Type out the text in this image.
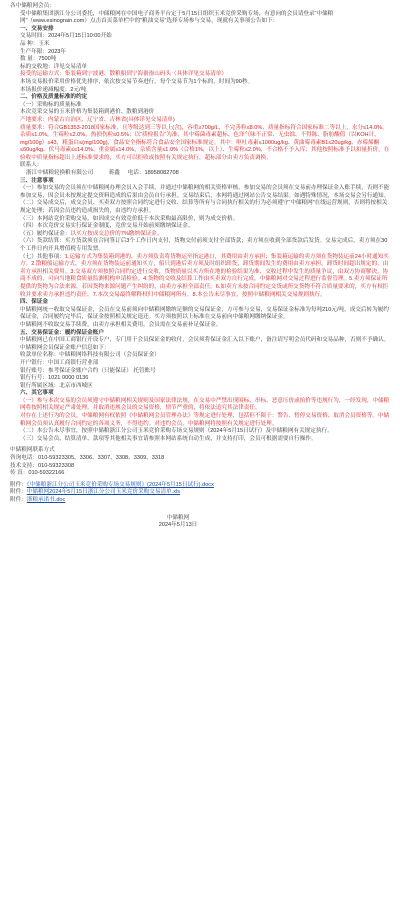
各中储粮网会员：

受中储粮集团浙江分公司委托，中储粮网在中国电子商务平台定于5月15日组织玉米竞价采购专场，有意向的会员请登录“中储粮网”（www.esinograin.com）点击首页菜单栏中的“粮油交易”选择专场参与交易，现就有关事项公告如下：

一、交易安排

交易时间：2024年5月15日10:00开始

品 种：玉米

生产年限：2023年

数 量：7500吨

标的交收地：详见交易清单

接受的运输方式：集装箱到宁波港、散粮船到宁海嵛嵛山码头（具体详见交易清单）

本场交易报价采用价格优先排序，依次按交易节奏进行，每个交易节为1个标的，时间为90秒。

本场报价递减幅度：2元/吨

二、价格及质量标准的约定

（一）采购标的质量标准

本次竞采交易的玉米价格为集装箱到港价、散粮到港价

产地要求：内蒙古自治区、辽宁省、吉林省(具体详见交易清单)

质量要求：符合GB1353-2018国家标准，且等级达到三等以上(含)，容重≥700g/L，不完善粒≤8.0%，质量指标符合国家标准二等以上，水分≤14.0%，杂质≤1.0%，生霉粒≤2.0%，热损伤粒≤0.5%；以“质检报告”为准，其中霉菌毒素超标、色泽气味不正常、无虫蚀、不得陈、脂肪酸值（以KOH计，mg/100g）≤43，粗蛋白≤(mg/100g)，食品安全指标符合食品安全国家标准规定。其中：呕吐毒素≤1000ug/kg、黄曲霉毒素B1≤20ug/kg、赤霉烯酮≤60ug/kg、伏马毒素≤≤14.0%、重金属≤14.0%，杂质含量≤1.0%（合格1%，以上）、生霉粒≤2.0%，不合格不予入库；其他按照标准予以扣量折价，在验收中质量指标超出上述标准要求的，买方可以拒收或按照有关规定执行，超标部分由卖方负责调换。

联系人：

浙江中储粮轮换粮有限公司	蒋鑫 电话：18958082708

三、注意事项

（一）参加交易的会员须在中储粮网办理会员入会手续，并通过中储粮网的相关资格审核，参加交易的会员须在交易前办理保证金入账手续，否则不能参加交易，因会员未按规定提交资料造成的后果由会员自行承担。交易结束后，本网将通过网站公告交易结果。如遇特殊情况，本场交易会另行通知。

（二）交易成交后，成交会员、买卖双方按照合同约定进行交收、结算等所有与合同执行相关的行为必须遵守“中储粮网”在线运营规则，否则将按相关规定处理；若因会员违约造成损失的，由违约方承担。

（三）本网站竞价采购交易，如因成交有效竞价低于本次采购最高限价，则为成交价格。

（四）本次竞价交易实行保证金制度，竞价交易开始前须缴纳保证金。

（五）履约保证金：以买方按成交总价的7%缴纳保证金。

（六）货款结算：买方货款须在合同签订后3个工作日内支付，货物交付前须支付全部货款；卖方须在收到全部货款后发货。交易完成后，卖方须在30个工作日内开具增值税专用发票。

（七）其他事项：1.运输方式为集装箱到港的，卖方须负责将货物运至指定港口，其费用由卖方承担；集装箱运输的卖方须在货物装运前24小时通知买方。2.散粮船运输方式，卖方须在货物装运前通知买方，船只到港后卖方须及时组织卸货，卸货期间发生的费用由卖方承担，卸货时间超出规定的，由卖方承担相关费用。3.交易双方须按照合同约定进行交收，货物质量以买方所在地的检验结果为准，交收过程中发生的质量争议，由双方协商解决，协商不成的，可向当地粮食质量监测机构申请检验。4.货物的交收及结算工作由买卖双方自行完成，中储粮网对交易过程进行监督管理。5.卖方须保证所提供的货物为合法来源，若因货物来源问题产生纠纷的，由卖方承担全部责任。6.如卖方未按合同约定交货或所交货物不符合质量要求的，买方有权拒收并要求卖方承担违约责任。7.本次交易最终解释权归中储粮网所有。8.本公告未尽事宜，按照中储粮网相关交易规则执行。

四、保证金

中储粮网统一收取交易保证金，会员在交易前须向中储粮网缴纳足额的交易保证金，方可参与交易，交易保证金标准为每吨210元/吨，成交后转为履约保证金，合同履约完毕后，保证金按照相关规定退还。买方须按照以上标准在交易前向中储粮网缴纳保证金。

中储粮网不收取交易手续费，由卖方承担相关费用，会员需在交易前补足保证金。

五、交易保证金：履约保证金账户

中储粮网已在中国工商银行开设专户，专门用于会员保证金的收付，会员须将保证金汇入以下账户，备注请写明会员代码和交易品种，否则不予确认。中储粮网会员保证金账户信息如下：

收款单位名称：中储粮网络科技有限公司（会员保证金）

开户银行：中国工商银行营业部

银行账号：参考保证金账户合约（只能保证） 托管账号

银行行号：1021 0000 0136

银行所属区域：北京市西城区

六、其它事项

（一）参与本次交易的会员须遵守中储粮网相关规则及国家法律法规，在交易中严禁出现围标、串标、恶意压价或抬价等违规行为，一经发现，中储粮网将按照相关规定严肃处理，并取消违规会员的交易资格，情节严重的，将依法追究其法律责任。

对存在上述行为的会员，中储粮网有权依照《中储粮网会员管理办法》等规定进行处理，包括但不限于：警告、暂停交易资格、取消会员资格等。中储粮网会员须认真履行合同约定的各项义务，不得违约。对违约会员，中储粮网将按照有关规定进行处理。

（二）本公告未尽事宜，按照中储粮浙江分公司玉米竞价采购专场交易规则（2024年5月15日试行）及中储粮网有关规定执行。

（三）交易会员、结算清单、款项等其他相关事宜请参照本网站系统自动生成，并支持打印，会员可根据需要自行操作。

中储粮网联系方式

咨询电话：010-59323305、3306、3307、3308、3309、3318

技术支持：010-59323308

传 真：010-59322166

附件：《中储粮浙江分公司玉米竞价采购专场交易规则》(2024年5月15日试行).docx

附件：中储粮网2024年5月15日浙江分公司玉米竞价采购交易清单.xls

附件：浙粮承诺书.doc

中储粮网

2024年5月13日
